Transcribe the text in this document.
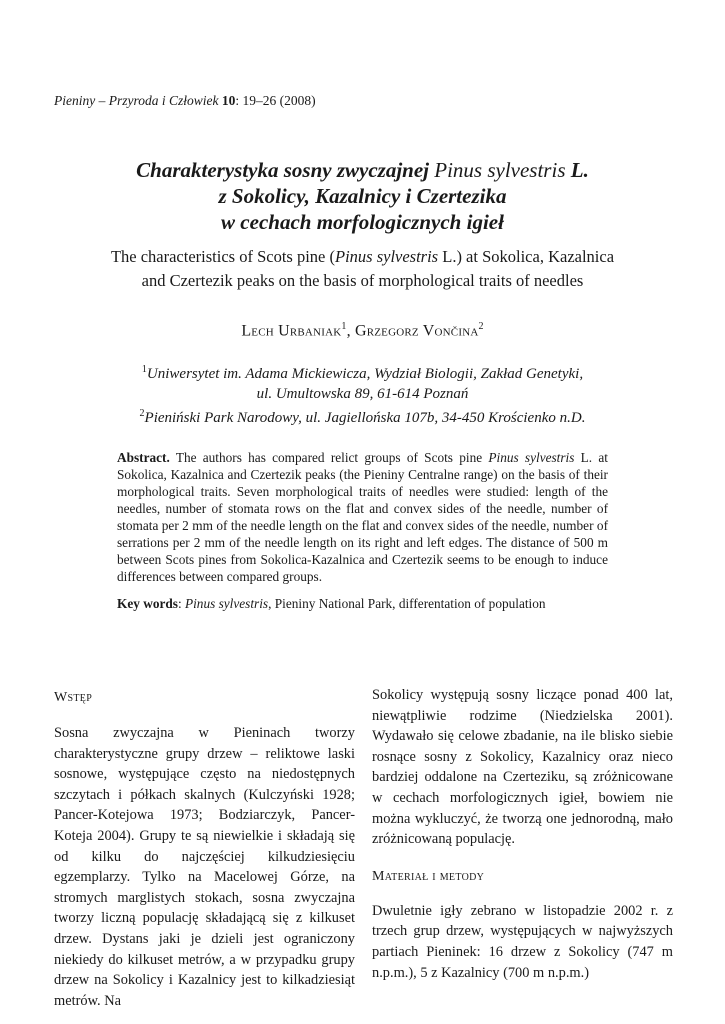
Pieniny – Przyroda i Człowiek 10: 19–26 (2008)
Charakterystyka sosny zwyczajnej Pinus sylvestris L.
z Sokolicy, Kazalnicy i Czertezika
w cechach morfologicznych igieł
The characteristics of Scots pine (Pinus sylvestris L.) at Sokolica, Kazalnica
and Czertezik peaks on the basis of morphological traits of needles
Lech Urbaniak$^1$, Grzegorz Vončina$^2$
$^1$Uniwersytet im. Adama Mickiewicza, Wydział Biologii, Zakład Genetyki,
ul. Umultowska 89, 61-614 Poznań
$^2$Pieniński Park Narodowy, ul. Jagiellońska 107b, 34-450 Krościenko n.D.

Abstract. The authors has compared relict groups of Scots pine Pinus sylvestris L. at Sokolica, Kazalnica and Czertezik peaks (the Pieniny Centralne range) on the basis of their morphological traits. Seven morphological traits of needles were studied: length of the needles, number of stomata rows on the flat and convex sides of the needle, number of stomata per 2 mm of the needle length on the flat and convex sides of the needle, number of serrations per 2 mm of the needle length on its right and left edges. The distance of 500 m between Scots pines from Sokolica-Kazalnica and Czertezik seems to be enough to induce differences between compared groups.

Key words: Pinus sylvestris, Pieniny National Park, differentation of population

Wstęp

Sosna zwyczajna w Pieninach tworzy charakterystyczne grupy drzew – reliktowe laski sosnowe, występujące często na niedostępnych szczytach i półkach skalnych (Kulczyński 1928; Pancer-Kotejowa 1973; Bodziarczyk, Pancer-Koteja 2004). Grupy te są niewielkie i składają się od kilku do najczęściej kilkudziesięciu egzemplarzy. Tylko na Macelowej Górze, na stromych marglistych stokach, sosna zwyczajna tworzy liczną populację składającą się z kilkuset drzew. Dystans jaki je dzieli jest ograniczony niekiedy do kilkuset metrów, a w przypadku grupy drzew na Sokolicy i Kazalnicy jest to kilkadziesiąt metrów. Na

Sokolicy występują sosny liczące ponad 400 lat, niewątpliwie rodzime (Niedzielska 2001). Wydawało się celowe zbadanie, na ile blisko siebie rosnące sosny z Sokolicy, Kazalnicy oraz nieco bardziej oddalone na Czerteziku, są zróżnicowane w cechach morfologicznych igieł, bowiem nie można wykluczyć, że tworzą one jednorodną, mało zróżnicowaną populację.

Materiał i metody

Dwuletnie igły zebrano w listopadzie 2002 r. z trzech grup drzew, występujących w najwyższych partiach Pieninek: 16 drzew z Sokolicy (747 m n.p.m.), 5 z Kazalnicy (700 m n.p.m.)
